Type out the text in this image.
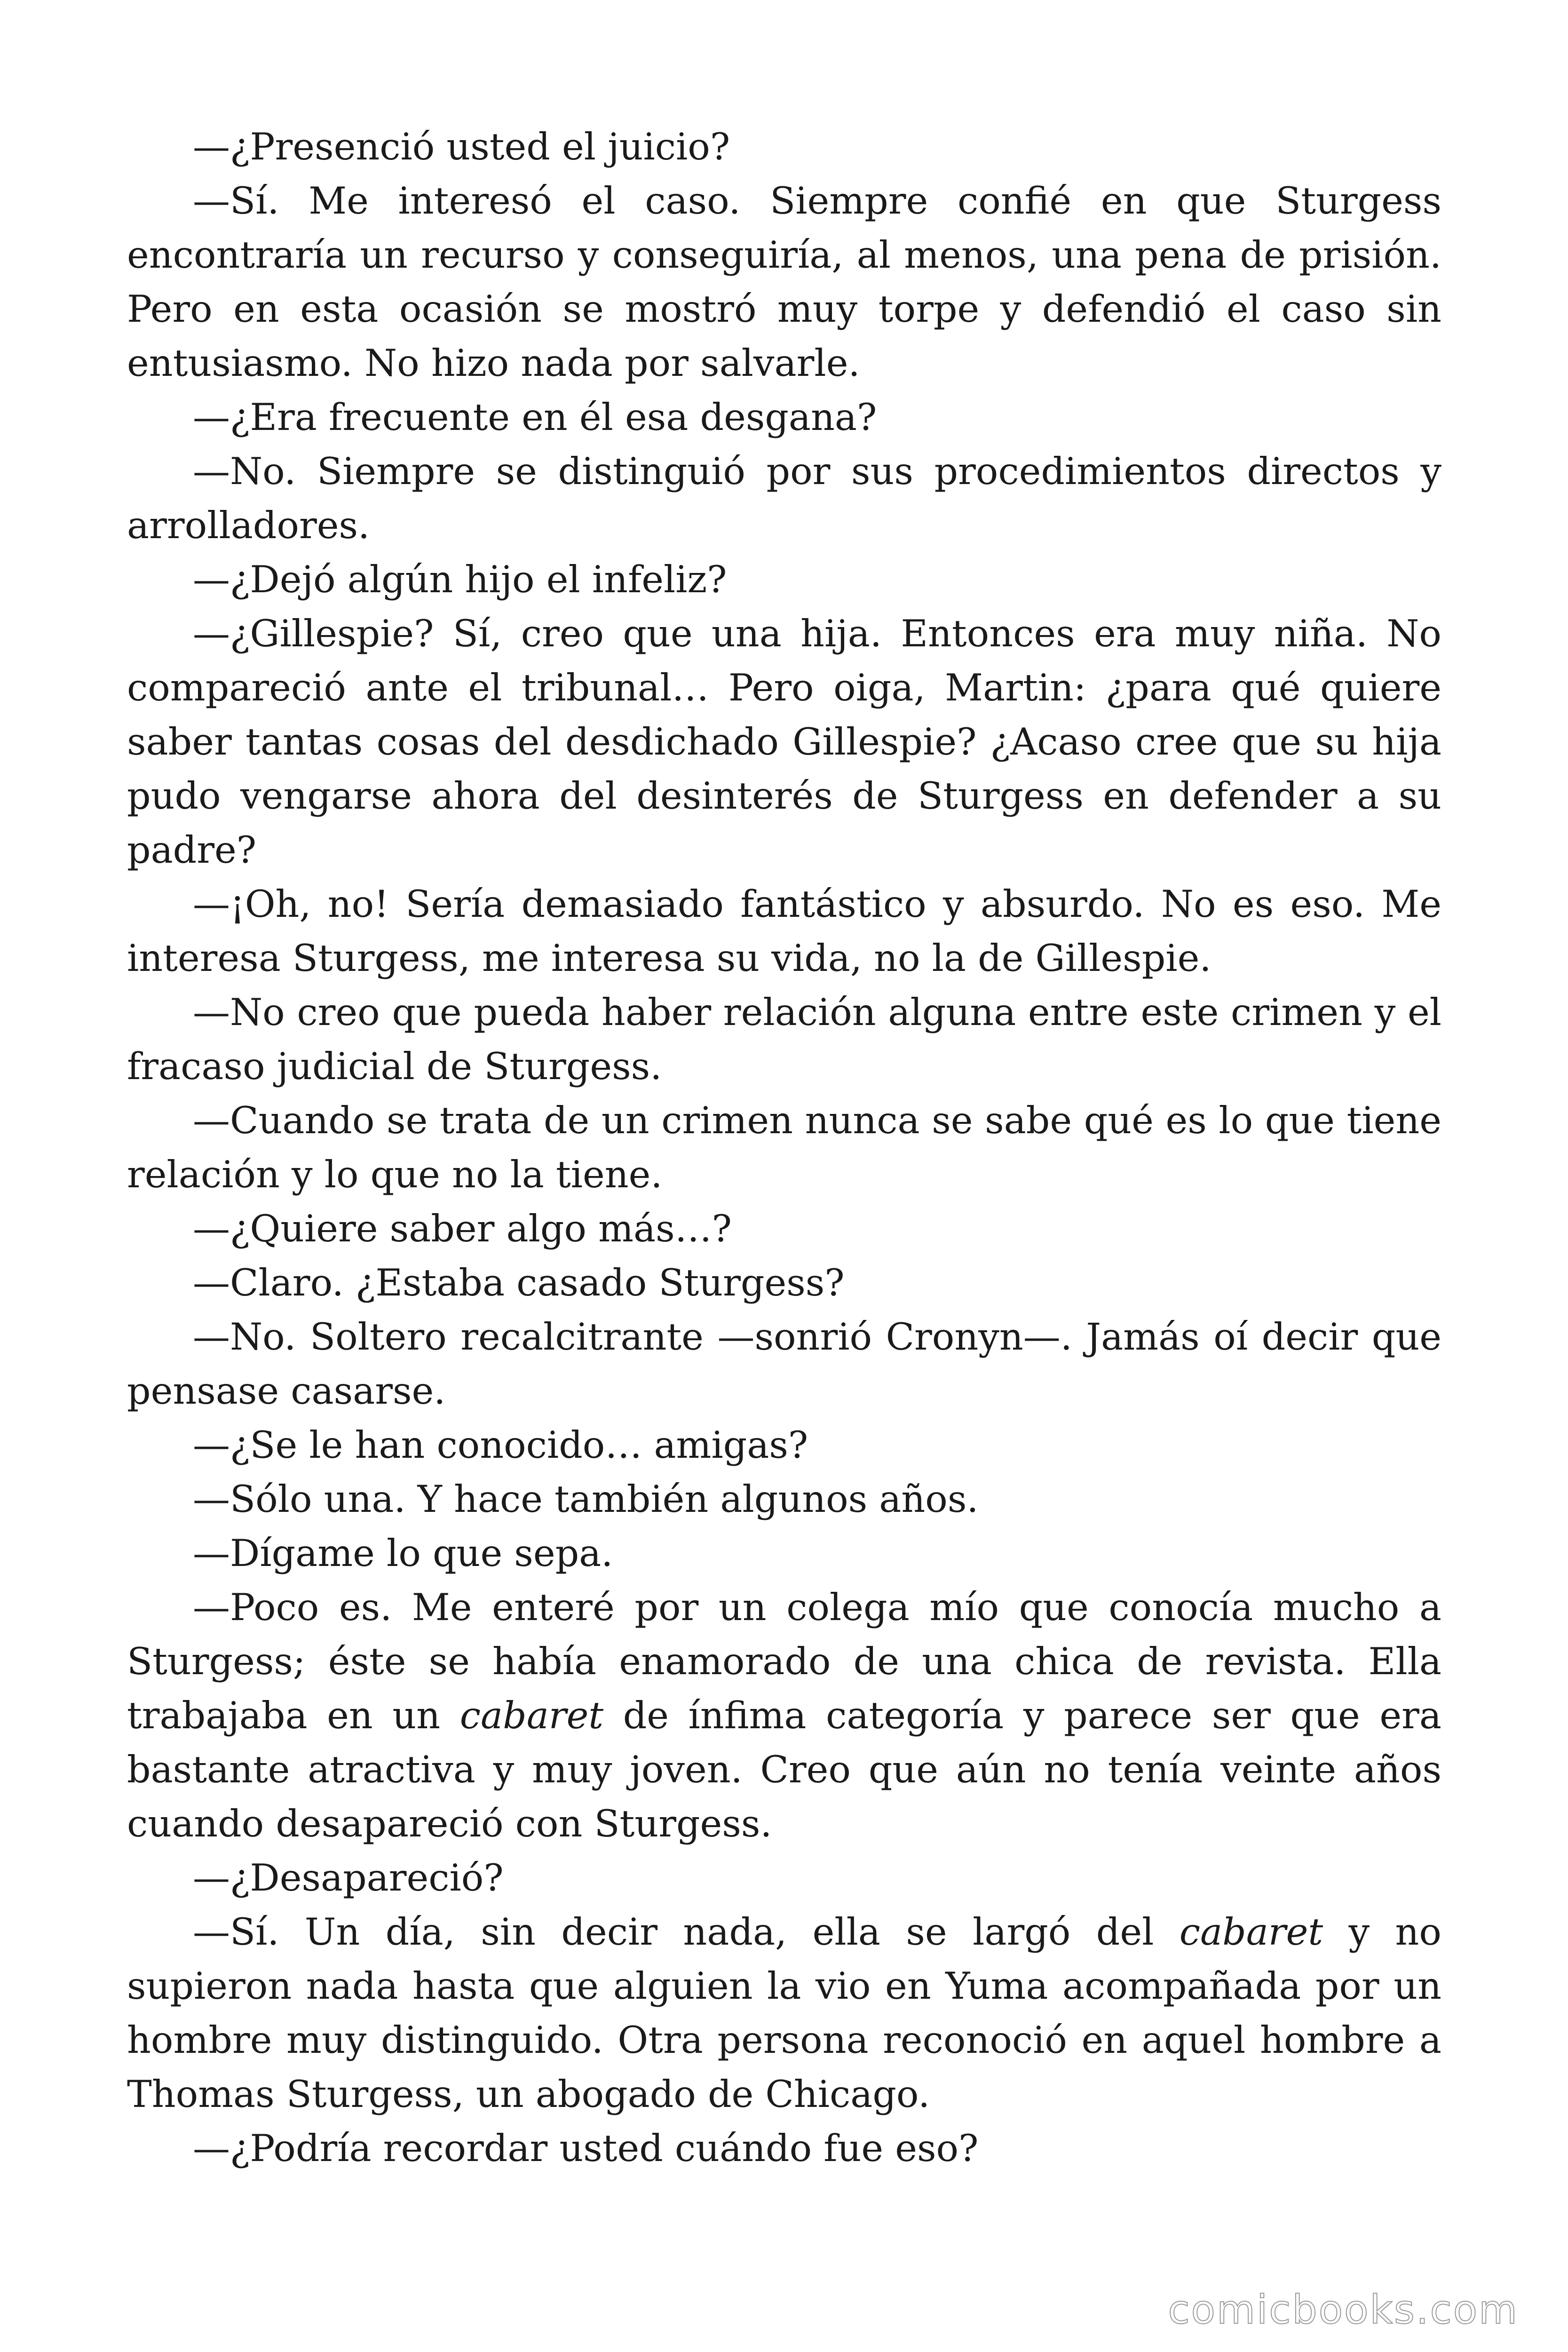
—¿Presenció usted el juicio?

—Sí. Me interesó el caso. Siempre confié en que Sturgess encontraría un recurso y conseguiría, al menos, una pena de prisión. Pero en esta ocasión se mostró muy torpe y defendió el caso sin entusiasmo. No hizo nada por salvarle.

—¿Era frecuente en él esa desgana?

—No. Siempre se distinguió por sus procedimientos directos y arrolladores.

—¿Dejó algún hijo el infeliz?

—¿Gillespie? Sí, creo que una hija. Entonces era muy niña. No compareció ante el tribunal… Pero oiga, Martin: ¿para qué quiere saber tantas cosas del desdichado Gillespie? ¿Acaso cree que su hija pudo vengarse ahora del desinterés de Sturgess en defender a su padre?

—¡Oh, no! Sería demasiado fantástico y absurdo. No es eso. Me interesa Sturgess, me interesa su vida, no la de Gillespie.

—No creo que pueda haber relación alguna entre este crimen y el fracaso judicial de Sturgess.

—Cuando se trata de un crimen nunca se sabe qué es lo que tiene relación y lo que no la tiene.

—¿Quiere saber algo más…?

—Claro. ¿Estaba casado Sturgess?

—No. Soltero recalcitrante —sonrió Cronyn—. Jamás oí decir que pensase casarse.

—¿Se le han conocido… amigas?

—Sólo una. Y hace también algunos años.

—Dígame lo que sepa.

—Poco es. Me enteré por un colega mío que conocía mucho a Sturgess; éste se había enamorado de una chica de revista. Ella trabajaba en un cabaret de ínfima categoría y parece ser que era bastante atractiva y muy joven. Creo que aún no tenía veinte años cuando desapareció con Sturgess.

—¿Desapareció?

—Sí. Un día, sin decir nada, ella se largó del cabaret y no supieron nada hasta que alguien la vio en Yuma acompañada por un hombre muy distinguido. Otra persona reconoció en aquel hombre a Thomas Sturgess, un abogado de Chicago.

—¿Podría recordar usted cuándo fue eso?

comicbooks.com
